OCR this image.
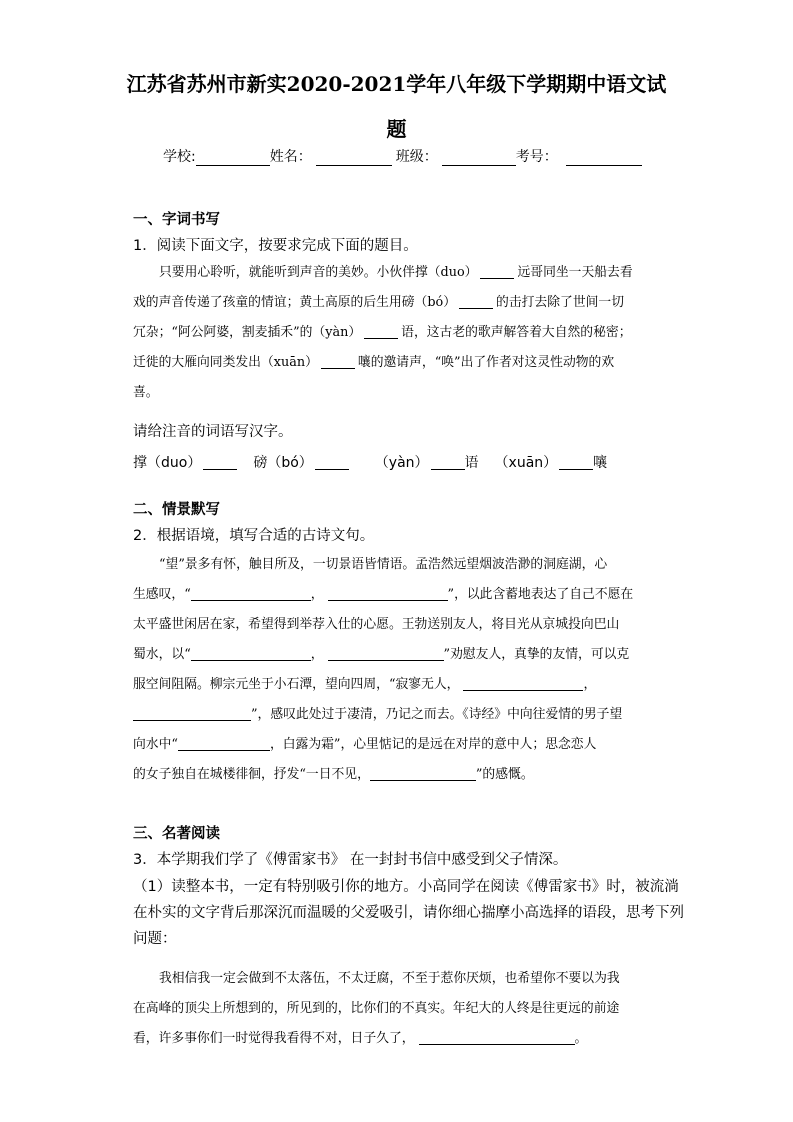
江苏省苏州市新实2020-2021学年八年级下学期期中语文试
题
学校:	姓名：	班级：	考号：
一、字词书写
1．阅读下面文字，按要求完成下面的题目。
只要用心聆听，就能听到声音的美妙。小伙伴撑（duo）	远哥同坐一天船去看
戏的声音传递了孩童的情谊；黄土高原的后生用磅（bó）	的击打去除了世间一切
冗杂；“阿公阿婆，割麦插禾”的（yàn）	语，这古老的歌声解答着大自然的秘密；
迁徙的大雁向同类发出（xuān）	嚷的邀请声，“唤”出了作者对这灵性动物的欢
喜。
请给注音的词语写汉字。
撑（duo）	磅（bó）	（yàn）	语 （xuān）	嚷
二、情景默写
2．根据语境，填写合适的古诗文句。
“望”景多有怀，触目所及，一切景语皆情语。孟浩然远望烟波浩渺的洞庭湖，心
生感叹，“	，	”，以此含蓄地表达了自己不愿在
太平盛世闲居在家，希望得到举荐入仕的心愿。王勃送别友人，将目光从京城投向巴山
蜀水，以“	，	”劝慰友人，真挚的友情，可以克
服空间阻隔。柳宗元坐于小石潭，望向四周，“寂寥无人，	，
”，感叹此处过于凄清，乃记之而去。《诗经》中向往爱情的男子望
向水中“	，白露为霜”，心里惦记的是远在对岸的意中人；思念恋人
的女子独自在城楼徘徊，抒发“一日不见，	”的感慨。
三、名著阅读
3．本学期我们学了《傅雷家书》 在一封封书信中感受到父子情深。
（1）读整本书，一定有特别吸引你的地方。小高同学在阅读《傅雷家书》时，被流淌
在朴实的文字背后那深沉而温暖的父爱吸引，请你细心揣摩小高选择的语段，思考下列
问题：
我相信我一定会做到不太落伍，不太迂腐，不至于惹你厌烦，也希望你不要以为我
在高峰的顶尖上所想到的，所见到的，比你们的不真实。年纪大的人终是往更远的前途
看，许多事你们一时觉得我看得不对，日子久了，	。
